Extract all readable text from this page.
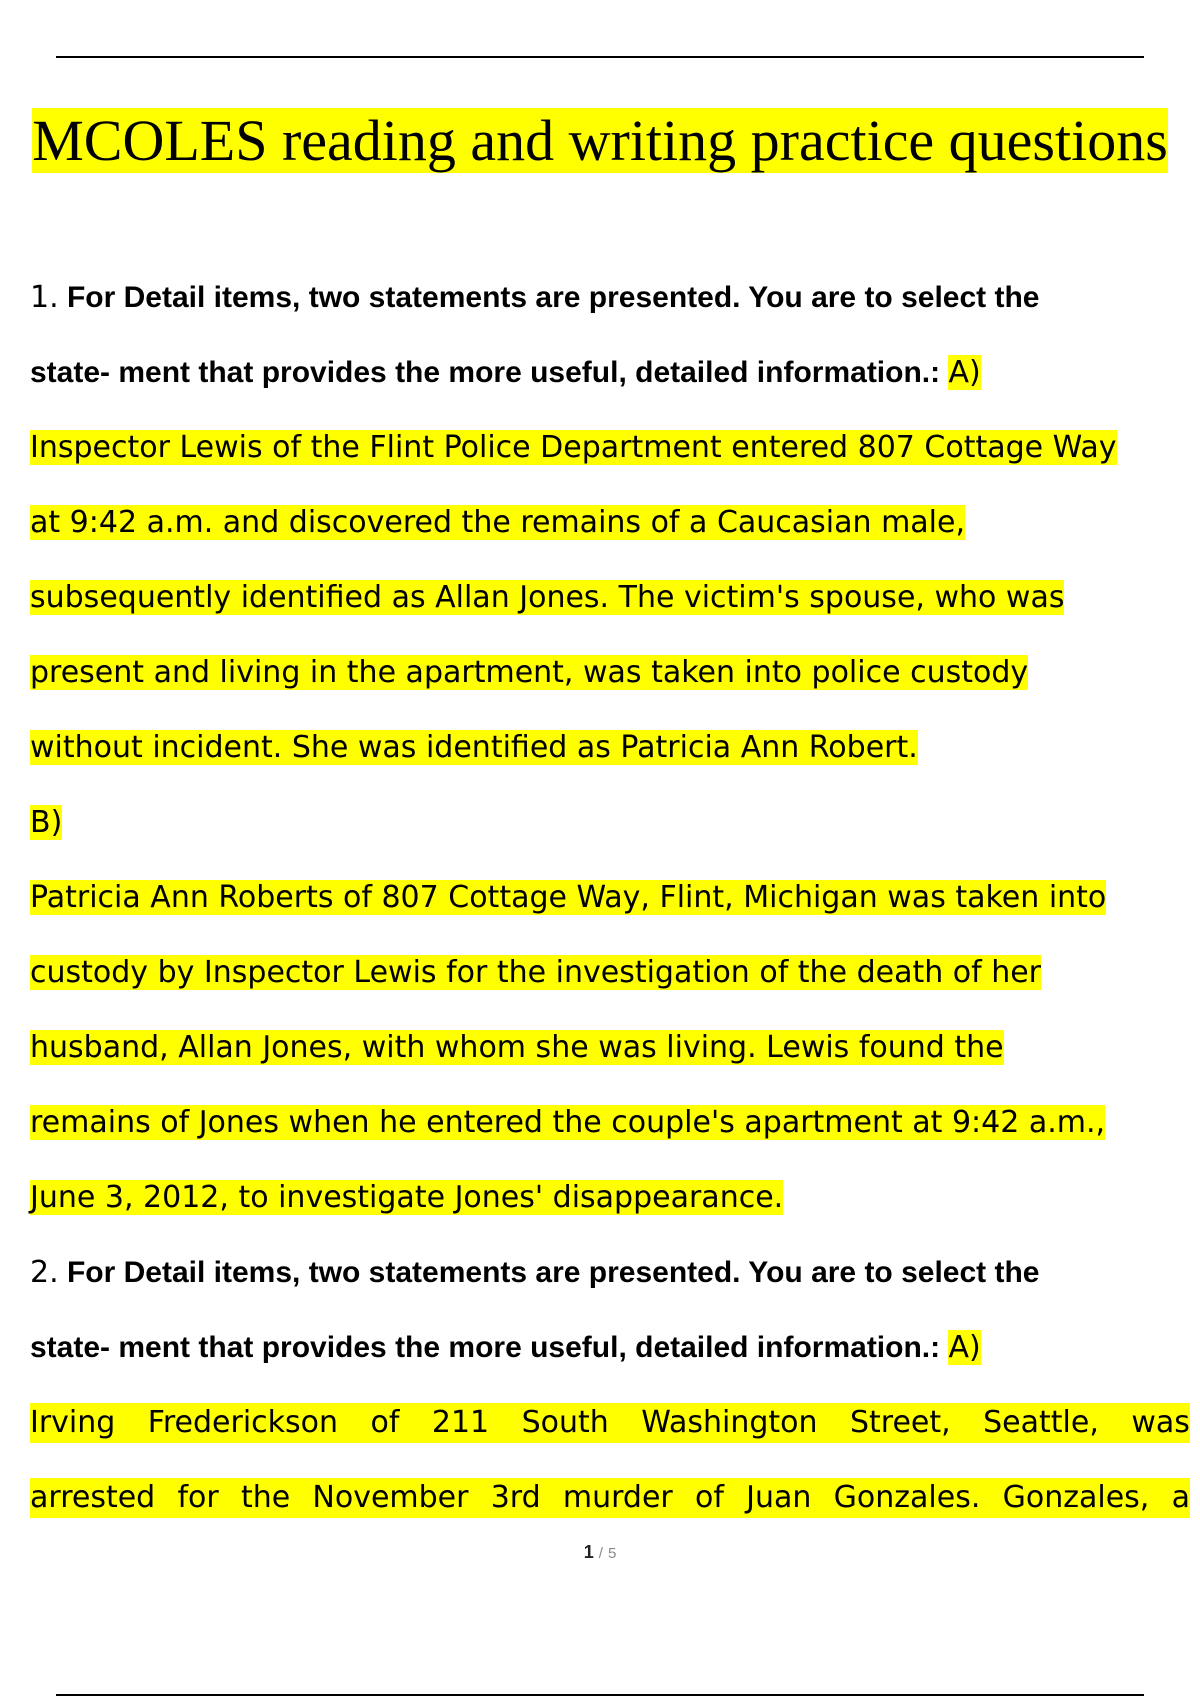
MCOLES reading and writing practice questions
1. For Detail items, two statements are presented. You are to select the
state- ment that provides the more useful, detailed information.: A)
Inspector Lewis of the Flint Police Department entered 807 Cottage Way
at 9:42 a.m. and discovered the remains of a Caucasian male,
subsequently identified as Allan Jones. The victim's spouse, who was
present and living in the apartment, was taken into police custody
without incident. She was identified as Patricia Ann Robert.
B)
Patricia Ann Roberts of 807 Cottage Way, Flint, Michigan was taken into
custody by Inspector Lewis for the investigation of the death of her
husband, Allan Jones, with whom she was living. Lewis found the
remains of Jones when he entered the couple's apartment at 9:42 a.m.,
June 3, 2012, to investigate Jones' disappearance.
2. For Detail items, two statements are presented. You are to select the
state- ment that provides the more useful, detailed information.: A)
Irving Frederickson of 211 South Washington Street, Seattle, was
arrested for the November 3rd murder of Juan Gonzales. Gonzales, a
1 / 5
